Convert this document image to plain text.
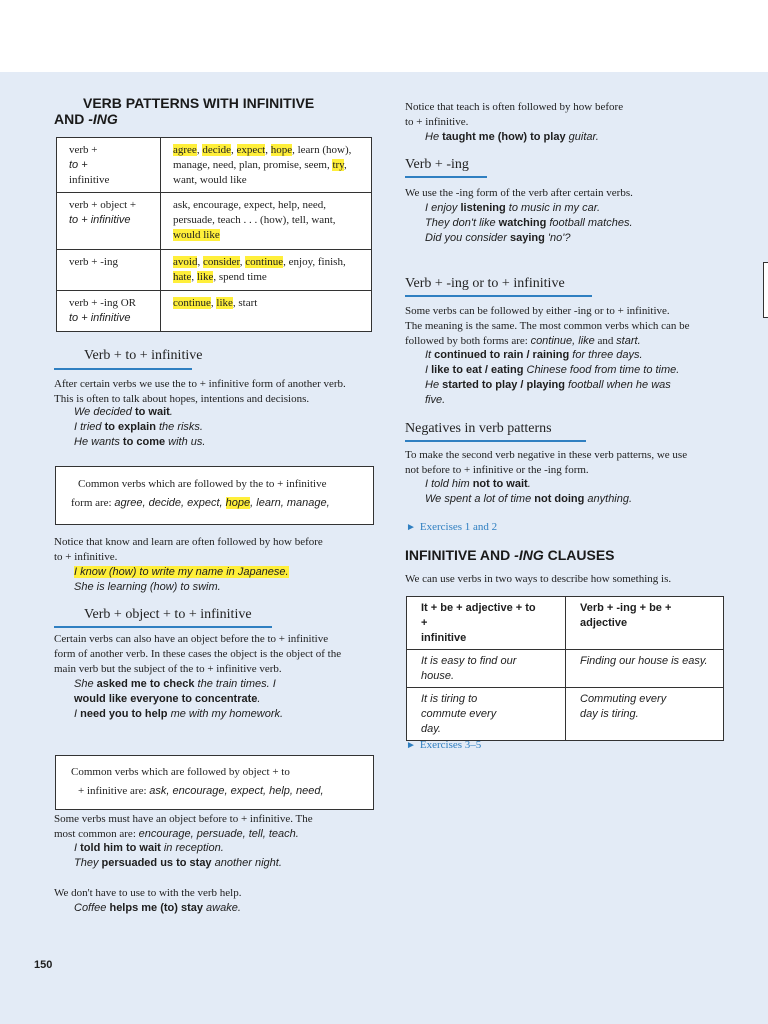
VERB PATTERNS WITH INFINITIVE
AND -ING
verb +
to +
infinitive	agree, decide, expect, hope, learn (how), manage, need, plan, promise, seem, try, want, would like
verb + object +
to + infinitive	ask, encourage, expect, help, need, persuade, teach . . . (how), tell, want, would like
verb + -ing	avoid, consider, continue, enjoy, finish, hate, like, spend time
verb + -ing OR
to + infinitive	continue, like, start
Verb + to + infinitive
After certain verbs we use the to + infinitive form of another verb.
This is often to talk about hopes, intentions and decisions.
We decided to wait.
I tried to explain the risks.
He wants to come with us.
Common verbs which are followed by the to + infinitive
form are: agree, decide, expect, hope, learn, manage,
Notice that know and learn are often followed by how before
to + infinitive.
I know (how) to write my name in Japanese.
She is learning (how) to swim.
Verb + object + to + infinitive
Certain verbs can also have an object before the to + infinitive
form of another verb. In these cases the object is the object of the
main verb but the subject of the to + infinitive verb.
She asked me to check the train times. I
would like everyone to concentrate.
I need you to help me with my homework.
Common verbs which are followed by object + to
+ infinitive are: ask, encourage, expect, help, need,
Some verbs must have an object before to + infinitive. The
most common are: encourage, persuade, tell, teach.
I told him to wait in reception.
They persuaded us to stay another night.
We don't have to use to with the verb help.
Coffee helps me (to) stay awake.
150
Notice that teach is often followed by how before
to + infinitive.
He taught me (how) to play guitar.
Verb + -ing
We use the -ing form of the verb after certain verbs.
I enjoy listening to music in my car.
They don't like watching football matches.
Did you consider saying 'no'?
Verb + -ing or to + infinitive
Some verbs can be followed by either -ing or to + infinitive.
The meaning is the same. The most common verbs which can be
followed by both forms are: continue, like and start.
It continued to rain / raining for three days.
I like to eat / eating Chinese food from time to time.
He started to play / playing football when he was
five.
Negatives in verb patterns
To make the second verb negative in these verb patterns, we use
not before to + infinitive or the -ing form.
I told him not to wait.
We spent a lot of time not doing anything.
► Exercises 1 and 2
INFINITIVE AND -ING CLAUSES
We can use verbs in two ways to describe how something is.
It + be + adjective + to
+
infinitive	Verb + -ing + be +
adjective
It is easy to find our
house.	Finding our house is easy.
It is tiring to
commute every
day.	Commuting every
day is tiring.
► Exercises 3–5
